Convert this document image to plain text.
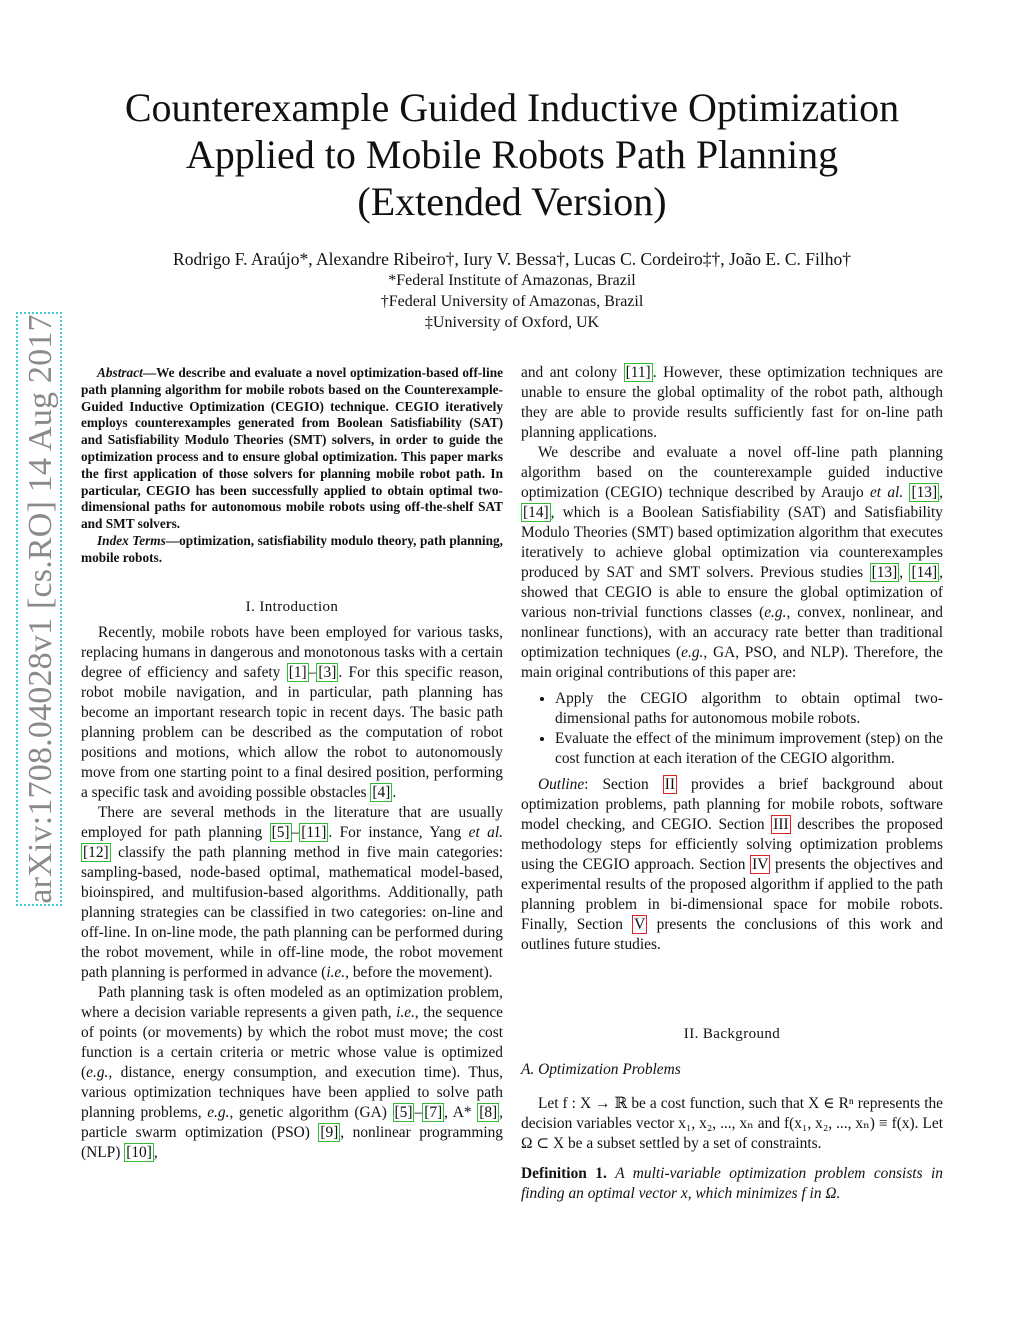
arXiv:1708.04028v1 [cs.RO] 14 Aug 2017
Counterexample Guided Inductive Optimization
Applied to Mobile Robots Path Planning
(Extended Version)
Rodrigo F. Araújo*, Alexandre Ribeiro†, Iury V. Bessa†, Lucas C. Cordeiro‡†, João E. C. Filho†
*Federal Institute of Amazonas, Brazil
†Federal University of Amazonas, Brazil
‡University of Oxford, UK

Abstract—We describe and evaluate a novel optimization-based off-line path planning algorithm for mobile robots based on the Counterexample-Guided Inductive Optimization (CEGIO) technique. CEGIO iteratively employs counterexamples generated from Boolean Satisfiability (SAT) and Satisfiability Modulo Theories (SMT) solvers, in order to guide the optimization process and to ensure global optimization. This paper marks the first application of those solvers for planning mobile robot path. In particular, CEGIO has been successfully applied to obtain optimal two-dimensional paths for autonomous mobile robots using off-the-shelf SAT and SMT solvers.

Index Terms—optimization, satisfiability modulo theory, path planning, mobile robots.

I. Introduction

Recently, mobile robots have been employed for various tasks, replacing humans in dangerous and monotonous tasks with a certain degree of efficiency and safety [1] – [3] . For this specific reason, robot mobile navigation, and in particular, path planning has become an important research topic in recent days. The basic path planning problem can be described as the computation of robot positions and motions, which allow the robot to autonomously move from one starting point to a final desired position, performing a specific task and avoiding possible obstacles [4] .

There are several methods in the literature that are usually employed for path planning [5] – [11] . For instance, Yang et al. [12] classify the path planning method in five main categories: sampling-based, node-based optimal, mathematical model-based, bioinspired, and multifusion-based algorithms. Additionally, path planning strategies can be classified in two categories: on-line and off-line. In on-line mode, the path planning can be performed during the robot movement, while in off-line mode, the robot movement path planning is performed in advance (i.e., before the movement).

Path planning task is often modeled as an optimization problem, where a decision variable represents a given path, i.e., the sequence of points (or movements) by which the robot must move; the cost function is a certain criteria or metric whose value is optimized (e.g., distance, energy consumption, and execution time). Thus, various optimization techniques have been applied to solve path planning problems, e.g., genetic algorithm (GA) [5] – [7] , A* [8] , particle swarm optimization (PSO) [9] , nonlinear programming (NLP) [10] ,

and ant colony [11] . However, these optimization techniques are unable to ensure the global optimality of the robot path, although they are able to provide results sufficiently fast for on-line path planning applications.

We describe and evaluate a novel off-line path planning algorithm based on the counterexample guided inductive optimization (CEGIO) technique described by Araujo et al. [13] , [14] , which is a Boolean Satisfiability (SAT) and Satisfiability Modulo Theories (SMT) based optimization algorithm that executes iteratively to achieve global optimization via counterexamples produced by SAT and SMT solvers. Previous studies [13] , [14] , showed that CEGIO is able to ensure the global optimization of various non-trivial functions classes (e.g., convex, nonlinear, and nonlinear functions), with an accuracy rate better than traditional optimization techniques (e.g., GA, PSO, and NLP). Therefore, the main original contributions of this paper are:

• Apply the CEGIO algorithm to obtain optimal two-dimensional paths for autonomous mobile robots.
• Evaluate the effect of the minimum improvement (step) on the cost function at each iteration of the CEGIO algorithm.

Outline: Section II provides a brief background about optimization problems, path planning for mobile robots, software model checking, and CEGIO. Section III describes the proposed methodology steps for efficiently solving optimization problems using the CEGIO approach. Section IV presents the objectives and experimental results of the proposed algorithm if applied to the path planning problem in bi-dimensional space for mobile robots. Finally, Section V presents the conclusions of this work and outlines future studies.

II. Background
A. Optimization Problems

Let f : X → ℝ be a cost function, such that X ∈ Rⁿ represents the decision variables vector x₁, x₂, ..., xₙ and f(x₁, x₂, ..., xₙ) ≡ f(x). Let Ω ⊂ X be a subset settled by a set of constraints.

Definition 1. A multi-variable optimization problem consists in finding an optimal vector x, which minimizes f in Ω.
